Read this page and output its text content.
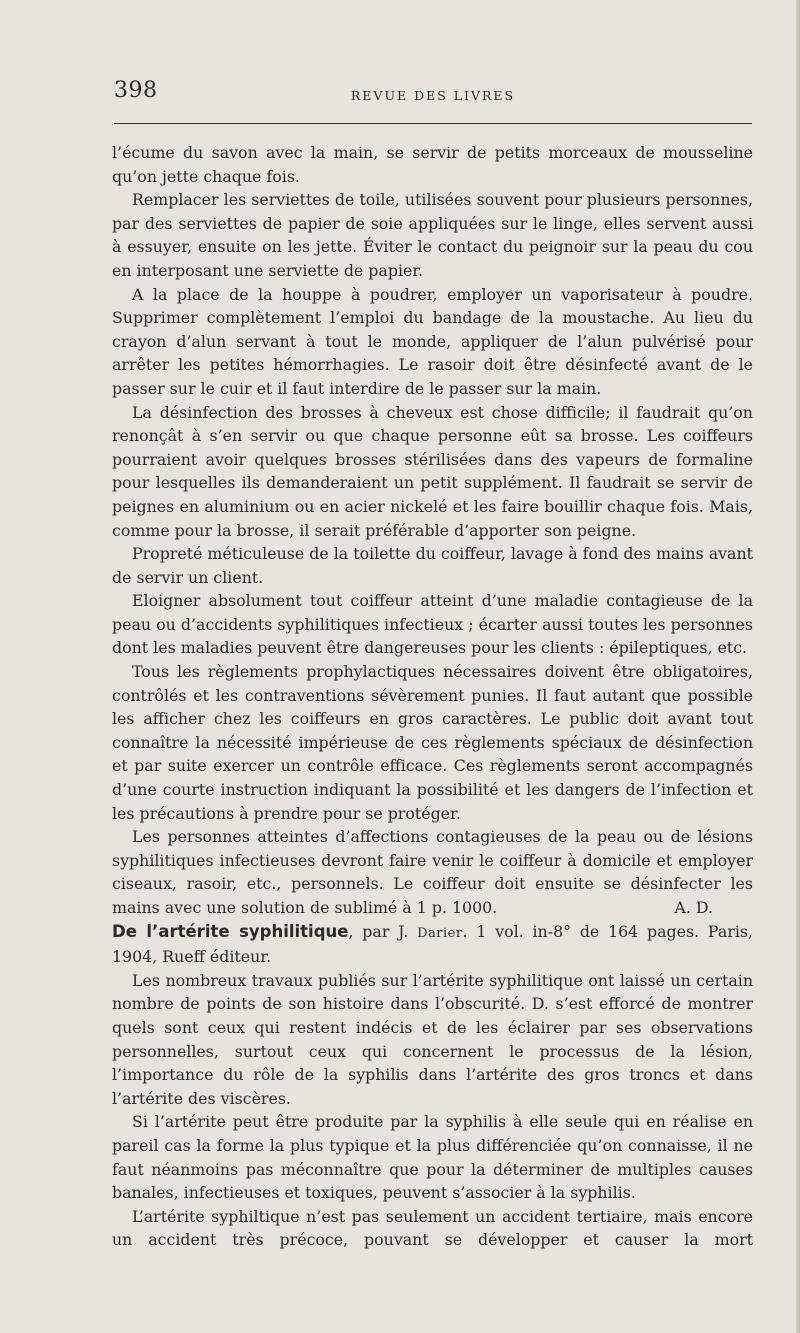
398	REVUE DES LIVRES

l’écume du savon avec la main, se servir de petits morceaux de mousseline qu’on jette chaque fois.

Remplacer les serviettes de toile, utilisées souvent pour plusieurs personnes, par des serviettes de papier de soie appliquées sur le linge, elles servent aussi à essuyer, ensuite on les jette. Éviter le contact du peignoir sur la peau du cou en interposant une serviette de papier.

A la place de la houppe à poudrer, employer un vaporisateur à poudre. Supprimer complètement l’emploi du bandage de la moustache. Au lieu du crayon d’alun servant à tout le monde, appliquer de l’alun pulvérisé pour arrêter les petites hémorrhagies. Le rasoir doit être désinfecté avant de le passer sur le cuir et il faut interdire de le passer sur la main.

La désinfection des brosses à cheveux est chose difficile; il faudrait qu’on renonçât à s’en servir ou que chaque personne eût sa brosse. Les coiffeurs pourraient avoir quelques brosses stérilisées dans des vapeurs de formaline pour lesquelles ils demanderaient un petit supplément. Il faudrait se servir de peignes en aluminium ou en acier nickelé et les faire bouillir chaque fois. Mais, comme pour la brosse, il serait préférable d’apporter son peigne.

Propreté méticuleuse de la toilette du coiffeur, lavage à fond des mains avant de servir un client.

Eloigner absolument tout coiffeur atteint d’une maladie contagieuse de la peau ou d’accidents syphilitiques infectieux ; écarter aussi toutes les personnes dont les maladies peuvent être dangereuses pour les clients : épileptiques, etc.

Tous les règlements prophylactiques nécessaires doivent être obligatoires, contrôlés et les contraventions sévèrement punies. Il faut autant que possible les afficher chez les coiffeurs en gros caractères. Le public doit avant tout connaître la nécessité impérieuse de ces règlements spéciaux de désinfection et par suite exercer un contrôle efficace. Ces règlements seront accompagnés d’une courte instruction indiquant la possibilité et les dangers de l’infection et les précautions à prendre pour se protéger.

Les personnes atteintes d’affections contagieuses de la peau ou de lésions syphilitiques infectieuses devront faire venir le coiffeur à domicile et employer ciseaux, rasoir, etc., personnels. Le coiffeur doit ensuite se désinfecter les mains avec une solution de sublimé à 1 p. 1000.	A. D.

De l’artérite syphilitique, par J. Darier. 1 vol. in-8° de 164 pages. Paris, 1904, Rueff éditeur.

Les nombreux travaux publiés sur l’artérite syphilitique ont laissé un certain nombre de points de son histoire dans l’obscurité. D. s’est efforcé de montrer quels sont ceux qui restent indécis et de les éclairer par ses observations personnelles, surtout ceux qui concernent le processus de la lésion, l’importance du rôle de la syphilis dans l’artérite des gros troncs et dans l’artérite des viscères.

Si l’artérite peut être produite par la syphilis à elle seule qui en réalise en pareil cas la forme la plus typique et la plus différenciée qu’on connaisse, il ne faut néanmoins pas méconnaître que pour la déterminer de multiples causes banales, infectieuses et toxiques, peuvent s’associer à la syphilis.

L’artérite syphiltique n’est pas seulement un accident tertiaire, mais encore un accident très précoce, pouvant se développer et causer la mort
